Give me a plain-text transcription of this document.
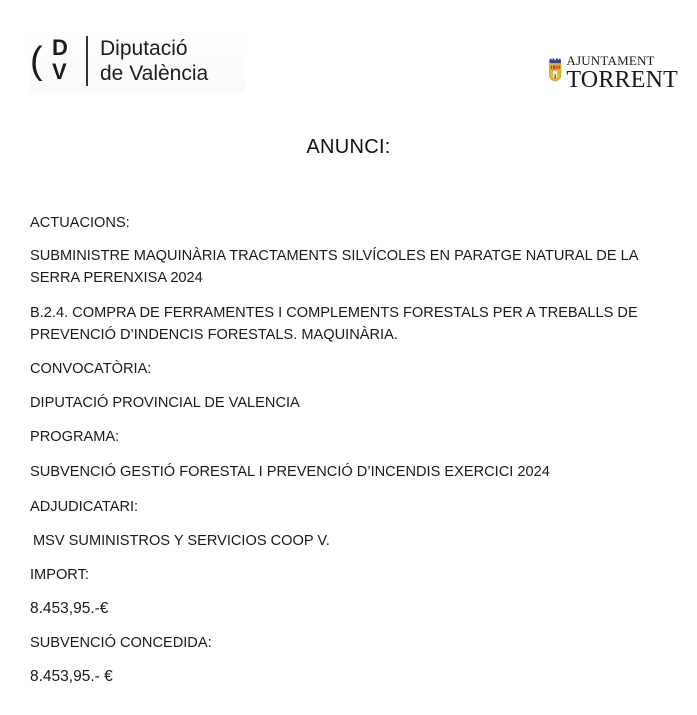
( D
V
Diputació
de València
AJUNTAMENT
TORRENT
ANUNCI:

ACTUACIONS:

SUBMINISTRE MAQUINÀRIA TRACTAMENTS SILVÍCOLES EN PARATGE NATURAL DE LA SERRA PERENXISA 2024

B.2.4. COMPRA DE FERRAMENTES I COMPLEMENTS FORESTALS PER A TREBALLS DE PREVENCIÓ D’INDENCIS FORESTALS. MAQUINÀRIA.

CONVOCATÒRIA:

DIPUTACIÓ PROVINCIAL DE VALENCIA

PROGRAMA:

SUBVENCIÓ GESTIÓ FORESTAL I PREVENCIÓ D’INCENDIS EXERCICI 2024

ADJUDICATARI:

MSV SUMINISTROS Y SERVICIOS COOP V.

IMPORT:

8.453,95.-€

SUBVENCIÓ CONCEDIDA:

8.453,95.- €
